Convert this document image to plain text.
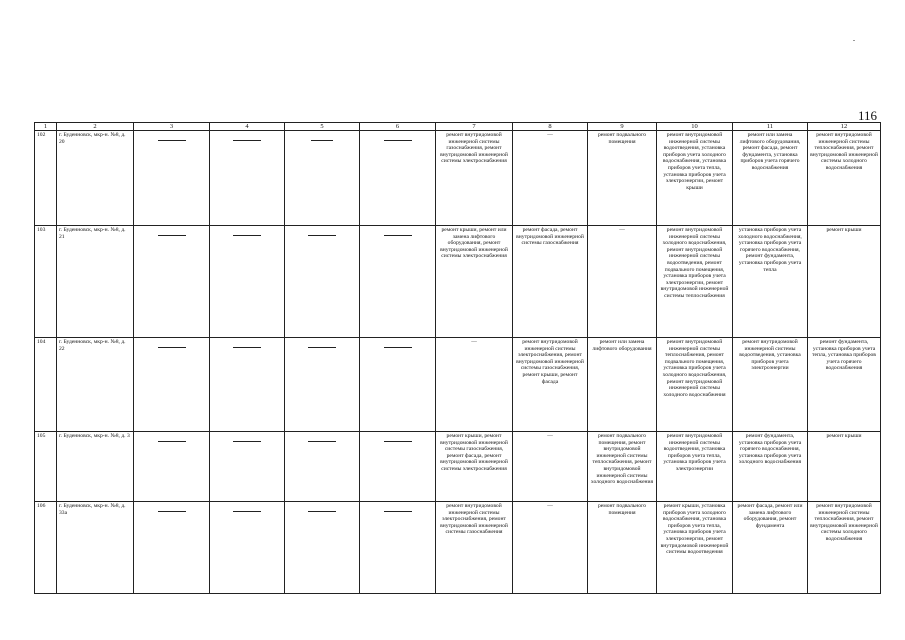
116
1	2	3	4	5	6	7	8	9	10	11	12
102	г. Буденновск, мкр-н. №8, д. 20					ремонт внутридомовой инженерной системы газоснабжения, ремонт внутридомовой инженерной системы электроснабжения	—	ремонт подвального помещения	ремонт внутридомовой инженерной системы водоотведения, установка приборов учета холодного водоснабжения, установка приборов учета тепла, установка приборов учета электроэнергии, ремонт крыши	ремонт или замена лифтового оборудования, ремонт фасада, ремонт фундамента, установка приборов учета горячего водоснабжения	ремонт внутридомовой инженерной системы теплоснабжения, ремонт внутридомовой инженерной системы холодного водоснабжения
103	г. Буденновск, мкр-н. №8, д. 21					ремонт крыши, ремонт или замена лифтового оборудования, ремонт внутридомовой инженерной системы электроснабжения	ремонт фасада, ремонт внутридомовой инженерной системы газоснабжения	—	ремонт внутридомовой инженерной системы холодного водоснабжения, ремонт внутридомовой инженерной системы водоотведения, ремонт подвального помещения, установка приборов учета электроэнергии, ремонт внутридомовой инженерной системы теплоснабжения	установка приборов учета холодного водоснабжения, установка приборов учета горячего водоснабжения, ремонт фундамента, установка приборов учета тепла	ремонт крыши
104	г. Буденновск, мкр-н. №8, д. 22					—	ремонт внутридомовой инженерной системы электроснабжения, ремонт внутридомовой инженерной системы газоснабжения, ремонт крыши, ремонт фасада	ремонт или замена лифтового оборудования	ремонт внутридомовой инженерной системы теплоснабжения, ремонт подвального помещения, установка приборов учета холодного водоснабжения, ремонт внутридомовой инженерной системы холодного водоснабжения	ремонт внутридомовой инженерной системы водоотведения, установка приборов учета электроэнергии	ремонт фундамента, установка приборов учета тепла, установка приборов учета горячего водоснабжения
105	г. Буденновск, мкр-н. №8, д. 3					ремонт крыши, ремонт внутридомовой инженерной системы газоснабжения, ремонт фасада, ремонт внутридомовой инженерной системы электроснабжения	—	ремонт подвального помещения, ремонт внутридомовой инженерной системы теплоснабжения, ремонт внутридомовой инженерной системы холодного водоснабжения	ремонт внутридомовой инженерной системы водоотведения, установка приборов учета тепла, установка приборов учета электроэнергии	ремонт фундамента, установка приборов учета горячего водоснабжения, установка приборов учета холодного водоснабжения	ремонт крыши
106	г. Буденновск, мкр-н. №8, д. 33а					ремонт внутридомовой инженерной системы электроснабжения, ремонт внутридомовой инженерной системы газоснабжения	—	ремонт подвального помещения	ремонт крыши, установка приборов учета холодного водоснабжения, установка приборов учета тепла, установка приборов учета электроэнергии, ремонт внутридомовой инженерной системы водоотведения	ремонт фасада, ремонт или замена лифтового оборудования, ремонт фундамента	ремонт внутридомовой инженерной системы теплоснабжения, ремонт внутридомовой инженерной системы холодного водоснабжения
